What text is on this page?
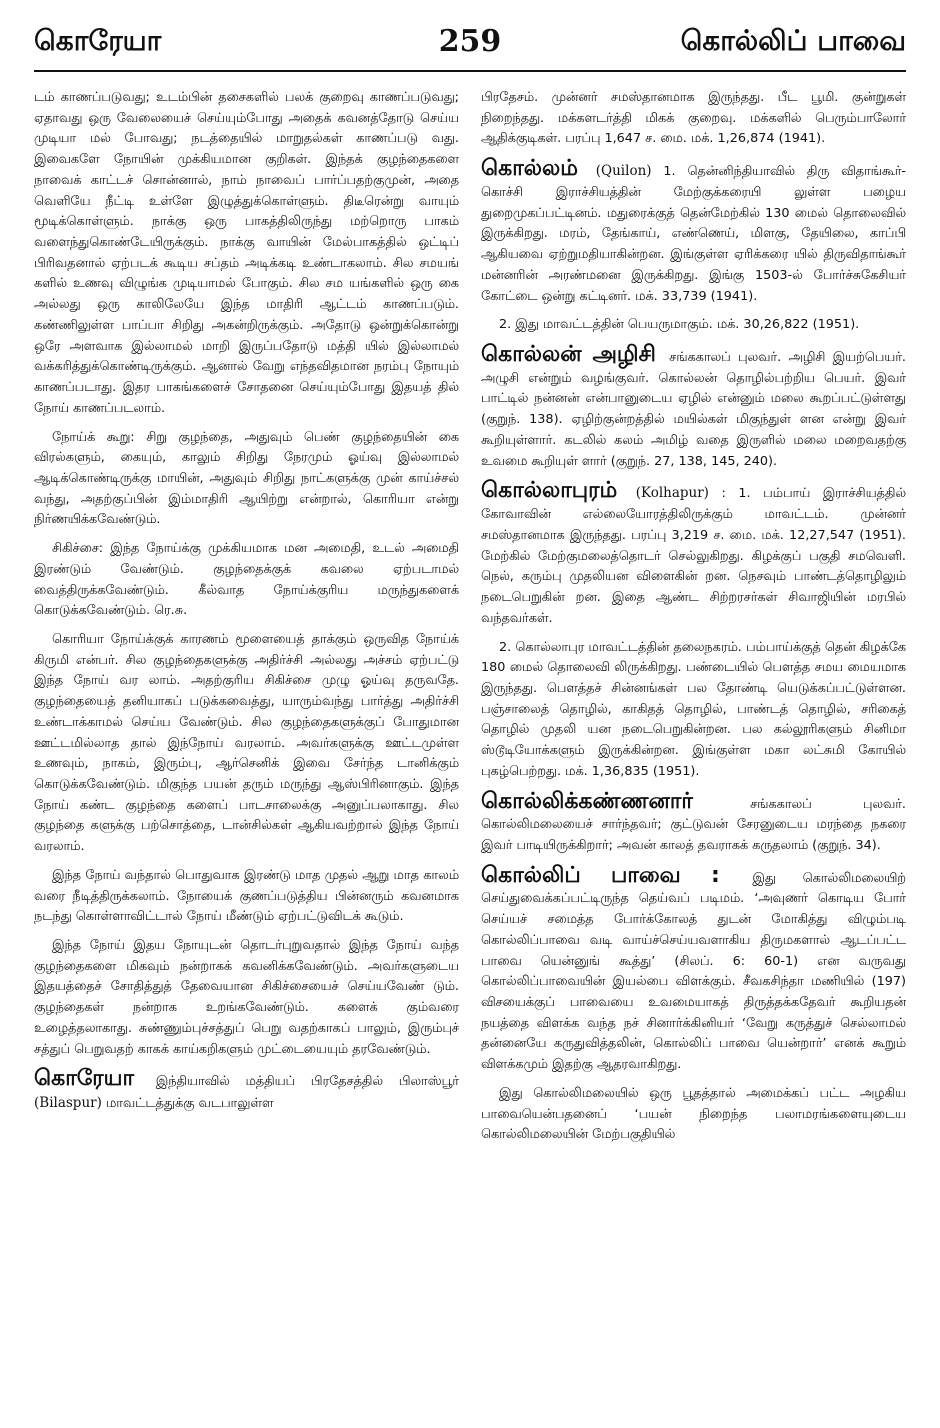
கொரேயா	259	கொல்லிப் பாவை

டம் காணப்படுவது; உடம்பின் தசைகளில் பலக் குறைவு காணப்படுவது; ஏதாவது ஒரு வேலையைச் செய்யும்போது அதைக் கவனத்தோடு செய்ய முடியா மல் போவது; நடத்தையில் மாறுதல்கள் காணப்படு வது. இவைகளே நோயின் முக்கியமான குறிகள். இந்தக் குழந்தைகளை நாவைக் காட்டச் சொன்னால், நாம் நாவைப் பார்ப்பதற்குமுன், அதை வெளியே நீட்டி உள்ளே இழுத்துக்கொள்ளும். திடீரென்று வாயும் மூடிக்கொள்ளும். நாக்கு ஒரு பாகத்திலிருந்து மற்றொரு பாகம் வளைந்துகொண்டேயிருக்கும். நாக்கு வாயின் மேல்பாகத்தில் ஒட்டிப் பிரிவதனால் ஏற்படக் கூடிய சப்தம் அடிக்கடி உண்டாகலாம். சில சமயங் களில் உணவு விழுங்க முடியாமல் போகும். சில சம யங்களில் ஒரு கை அல்லது ஒரு காலிலேயே இந்த மாதிரி ஆட்டம் காணப்படும். கண்ணிலுள்ள பாப்பா சிறிது அகன்றிருக்கும். அதோடு ஒன்றுக்கொன்று ஒரே அளவாக இல்லாமல் மாறி இருப்பதோடு மத்தி யில் இல்லாமல் வக்கரித்துக்கொண்டிருக்கும். ஆனால் வேறு எந்தவிதமான நரம்பு நோயும் காணப்படாது. இதர பாகங்களைச் சோதனை செய்யும்போது இதயத் தில் நோய் காணப்படலாம்.

நோய்க் கூறு: சிறு குழந்தை, அதுவும் பெண் குழந்தையின் கை விரல்களும், கையும், காலும் சிறிது நேரமும் ஓய்வு இல்லாமல் ஆடிக்கொண்டிருக்கு மாயின், அதுவும் சிறிது நாட்களுக்கு முன் காய்ச்சல் வந்து, அதற்குப்பின் இம்மாதிரி ஆயிற்று என்றால், கொரியா என்று நிர்ணயிக்கவேண்டும்.

சிகிச்சை: இந்த நோய்க்கு முக்கியமாக மன அமைதி, உடல் அமைதி இரண்டும் வேண்டும். குழந்தைக்குக் கவலை ஏற்படாமல் வைத்திருக்கவேண்டும். கீல்வாத நோய்க்குரிய மருந்துகளைக் கொடுக்கவேண்டும். ரெ.சு.

கொரியா நோய்க்குக் காரணம் மூளையைத் தாக்கும் ஒருவித நோய்க் கிருமி என்பர். சில குழந்தைகளுக்கு அதிர்ச்சி அல்லது அச்சம் ஏற்பட்டு இந்த நோய் வர லாம். அதற்குரிய சிகிச்சை முழு ஓய்வு தருவதே. குழந்தையைத் தனியாகப் படுக்கவைத்து, யாரும்வந்து பார்த்து அதிர்ச்சி உண்டாக்காமல் செய்ய வேண்டும். சில குழந்தைகளுக்குப் போதுமான ஊட்டமில்லாத தால் இந்நோய் வரலாம். அவர்களுக்கு ஊட்டமுள்ள உணவும், நாகம், இரும்பு, ஆர்செனிக் இவை சேர்ந்த டானிக்கும் கொடுக்கவேண்டும். மிகுந்த பயன் தரும் மருந்து ஆஸ்பிரினாகும். இந்த நோய் கண்ட குழந்தை களைப் பாடசாலைக்கு அனுப்பலாகாது. சில குழந்தை களுக்கு பற்சொத்தை, டான்சில்கள் ஆகியவற்றால் இந்த நோய் வரலாம்.

இந்த நோய் வந்தால் பொதுவாக இரண்டு மாத முதல் ஆறு மாத காலம் வரை நீடித்திருக்கலாம். நோயைக் குணப்படுத்திய பின்னரும் கவனமாக நடந்து கொள்ளாவிட்டால் நோய் மீண்டும் ஏற்பட்டுவிடக் கூடும்.

இந்த நோய் இதய நோயுடன் தொடர்புறுவதால் இந்த நோய் வந்த குழந்தைகளை மிகவும் நன்றாகக் கவனிக்கவேண்டும். அவர்களுடைய இதயத்தைச் சோதித்துத் தேவையான சிகிச்சையைச் செய்யவேண் டும். குழந்தைகள் நன்றாக உறங்கவேண்டும். களைக் கும்வரை உழைத்தலாகாது. சுண்ணும்புச்சத்துப் பெறு வதற்காகப் பாலும், இரும்புச் சத்துப் பெறுவதற் காகக் காய்கறிகளும் முட்டையையும் தரவேண்டும்.

கொரேயா இந்தியாவில் மத்தியப் பிரதேசத்தில் பிலாஸ்பூர் (Bilaspur) மாவட்டத்துக்கு வடபாலுள்ள

பிரதேசம். முன்னர் சமஸ்தானமாக இருந்தது. பீட பூமி. குன்றுகள் நிறைந்தது. மக்களடர்த்தி மிகக் குறைவு. மக்களில் பெரும்பாலோர் ஆதிக்குடிகள். பரப்பு 1,647 ச. மை. மக். 1,26,874 (1941).

கொல்லம் (Quilon) 1. தென்னிந்தியாவில் திரு விதாங்கூர்-கொச்சி இராச்சியத்தின் மேற்குக்கரையி லுள்ள பழைய துறைமுகப்பட்டினம். மதுரைக்குத் தென்மேற்கில் 130 மைல் தொலைவில் இருக்கிறது. மரம், தேங்காய், எண்ணெய், மிளகு, தேயிலை, காப்பி ஆகியவை ஏற்றுமதியாகின்றன. இங்குள்ள ஏரிக்கரை யில் திருவிதாங்கூர் மன்னரின் அரண்மனை இருக்கிறது. இங்கு 1503-ல் போர்ச்சுகேசியர் கோட்டை ஒன்று கட்டினர். மக். 33,739 (1941).

2. இது மாவட்டத்தின் பெயருமாகும். மக். 30,26,822 (1951).

கொல்லன் அழிசி சங்ககாலப் புலவர். அழிசி இயற்பெயர். அழுசி என்றும் வழங்குவர். கொல்லன் தொழில்பற்றிய பெயர். இவர் பாட்டில் நன்னன் என்பானுடைய ஏழில் என்னும் மலை கூறப்பட்டுள்ளது (குறுந். 138). ஏழிற்குன்றத்தில் மயில்கள் மிகுந்துள் ளன என்று இவர் கூறியுள்ளார். கடலில் கலம் அமிழ் வதை இருளில் மலை மறைவதற்கு உவமை கூறியுள் ளார் (குறுந். 27, 138, 145, 240).

கொல்லாபுரம் (Kolhapur) : 1. பம்பாய் இராச்சியத்தில் கோவாவின் எல்லையோரத்திலிருக்கும் மாவட்டம். முன்னர் சமஸ்தானமாக இருந்தது. பரப்பு 3,219 ச. மை. மக். 12,27,547 (1951). மேற்கில் மேற்குமலைத்தொடர் செல்லுகிறது. கிழக்குப் பகுதி சமவெளி. நெல், கரும்பு முதலியன விளைகின் றன. நெசவும் பாண்டத்தொழிலும் நடைபெறுகின் றன. இதை ஆண்ட சிற்றரசர்கள் சிவாஜியின் மரபில் வந்தவர்கள்.

2. கொல்லாபுர மாவட்டத்தின் தலைநகரம். பம்பாய்க்குத் தென் கிழக்கே 180 மைல் தொலைவி லிருக்கிறது. பண்டையில் பௌத்த சமய மையமாக இருந்தது. பௌத்தச் சின்னங்கள் பல தோண்டி யெடுக்கப்பட்டுள்ளன. பஞ்சாலைத் தொழில், காகிதத் தொழில், பாண்டத் தொழில், சரிகைத் தொழில் முதலி யன நடைபெறுகின்றன. பல கல்லூரிகளும் சினிமா ஸ்டூடியோக்களும் இருக்கின்றன. இங்குள்ள மகா லட்சுமி கோயில் புகழ்பெற்றது. மக். 1,36,835 (1951).

கொல்லிக்கண்ணனார்	சங்ககாலப் புலவர். கொல்லிமலையைச் சார்ந்தவர்; குட்டுவன் சேரனுடைய மரந்தை நகரை இவர் பாடியிருக்கிறார்; அவன் காலத் தவராகக் கருதலாம் (குறுந். 34).

கொல்லிப் பாவை :	இது கொல்லிமலையிற் செய்துவைக்கப்பட்டிருந்த தெய்வப் படிமம். ‘அவுணர் கொடிய போர் செய்யச் சமைத்த போர்க்கோலத் துடன் மோகித்து விழும்படி கொல்லிப்பாவை வடி வாய்ச்செய்யவளாகிய திருமகளால் ஆடப்பட்ட பாவை யென்னுங் கூத்து’ (சிலப். 6: 60-1) என வருவது கொல்லிப்பாவையின் இயல்பை விளக்கும். சீவகசிந்தா மணியில் (197) விசயைக்குப் பாவையை உவமையாகத் திருத்தக்கதேவர் கூறியதன் நயத்தை விளக்க வந்த நச் சினார்க்கினியர் ‘வேறு கருத்துச் செல்லாமல் தன்னையே கருதுவித்தலின், கொல்லிப் பாவை யென்றார்’ எனக் கூறும் விளக்கமும் இதற்கு ஆதரவாகிறது.

இது கொல்லிமலையில் ஒரு பூதத்தால் அமைக்கப் பட்ட அழகிய பாவையென்பதனைப் ‘பயன் நிறைந்த பலாமரங்களையுடைய கொல்லிமலையின் மேற்பகுதியில்
